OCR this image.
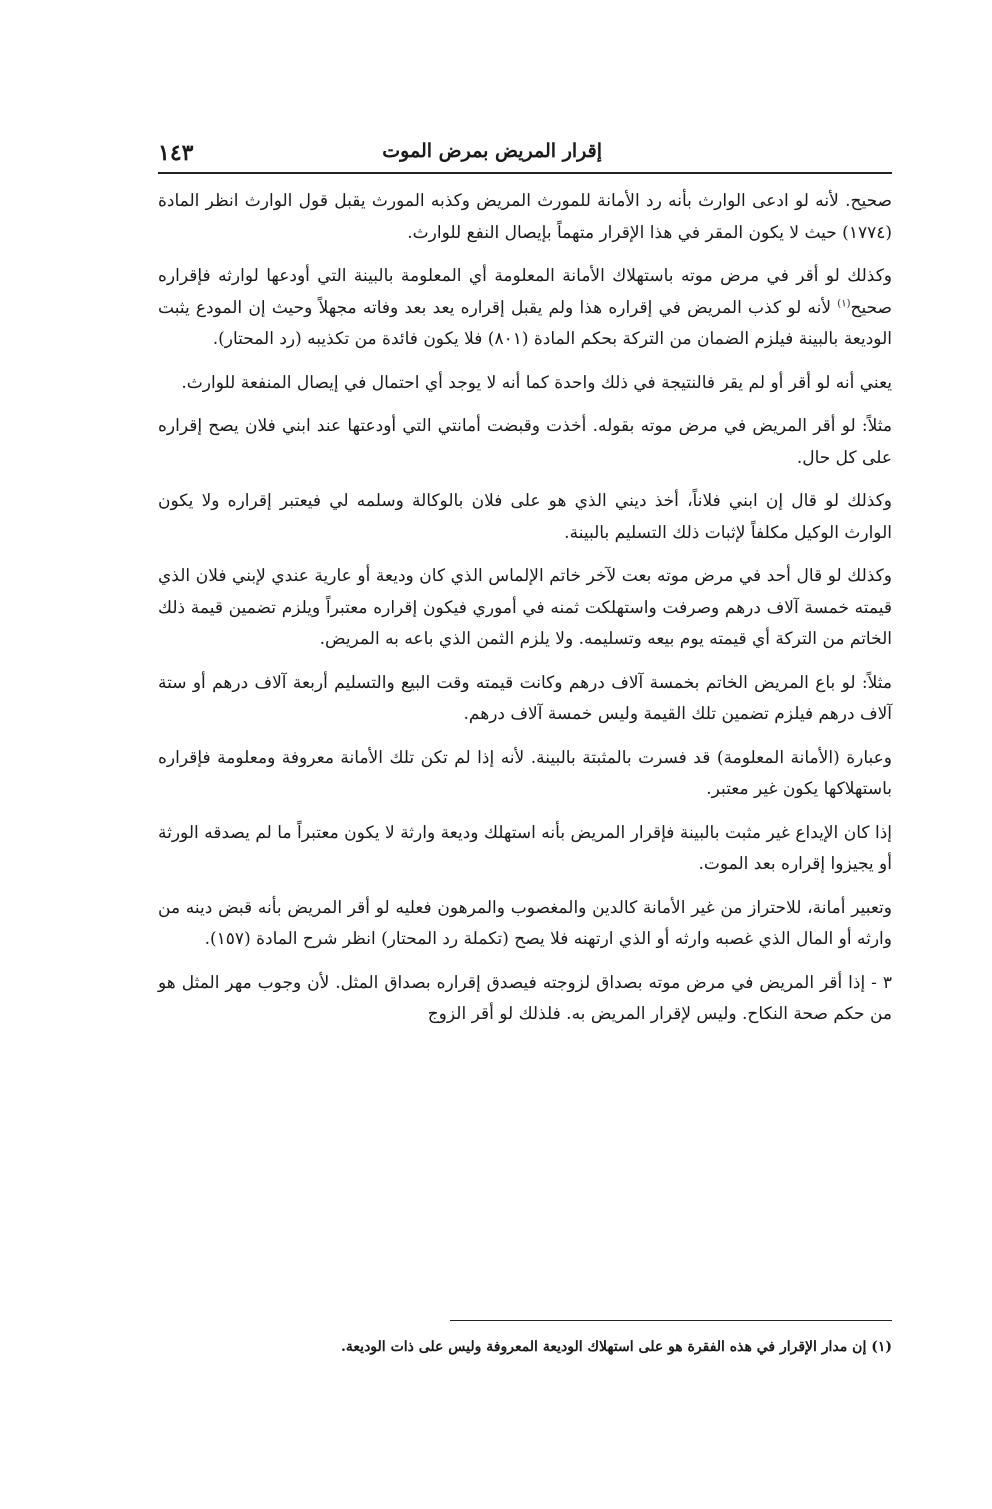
إقرار المريض بمرض الموت
١٤٣

صحيح. لأنه لو ادعى الوارث بأنه رد الأمانة للمورث المريض وكذبه المورث يقبل قول الوارث انظر المادة (١٧٧٤) حيث لا يكون المقر في هذا الإقرار متهماً بإيصال النفع للوارث.

وكذلك لو أقر في مرض موته باستهلاك الأمانة المعلومة أي المعلومة بالبينة التي أودعها لوارثه فإقراره صحيح$^{(١)}$ لأنه لو كذب المريض في إقراره هذا ولم يقبل إقراره يعد بعد وفاته مجهلاً وحيث إن المودع يثبت الوديعة بالبينة فيلزم الضمان من التركة بحكم المادة (٨٠١) فلا يكون فائدة من تكذيبه (رد المحتار).

يعني أنه لو أقر أو لم يقر فالنتيجة في ذلك واحدة كما أنه لا يوجد أي احتمال في إيصال المنفعة للوارث.

مثلاً: لو أقر المريض في مرض موته بقوله. أخذت وقبضت أمانتي التي أودعتها عند ابني فلان يصح إقراره على كل حال.

وكذلك لو قال إن ابني فلاناً، أخذ ديني الذي هو على فلان بالوكالة وسلمه لي فيعتبر إقراره ولا يكون الوارث الوكيل مكلفاً لإثبات ذلك التسليم بالبينة.

وكذلك لو قال أحد في مرض موته بعت لآخر خاتم الإلماس الذي كان وديعة أو عارية عندي لإبني فلان الذي قيمته خمسة آلاف درهم وصرفت واستهلكت ثمنه في أموري فيكون إقراره معتبراً ويلزم تضمين قيمة ذلك الخاتم من التركة أي قيمته يوم بيعه وتسليمه. ولا يلزم الثمن الذي باعه به المريض.

مثلاً: لو باع المريض الخاتم بخمسة آلاف درهم وكانت قيمته وقت البيع والتسليم أربعة آلاف درهم أو ستة آلاف درهم فيلزم تضمين تلك القيمة وليس خمسة آلاف درهم.

وعبارة (الأمانة المعلومة) قد فسرت بالمثبتة بالبينة. لأنه إذا لم تكن تلك الأمانة معروفة ومعلومة فإقراره باستهلاكها يكون غير معتبر.

إذا كان الإيداع غير مثبت بالبينة فإقرار المريض بأنه استهلك وديعة وارثة لا يكون معتبراً ما لم يصدقه الورثة أو يجيزوا إقراره بعد الموت.

وتعبير أمانة، للاحتراز من غير الأمانة كالدين والمغصوب والمرهون فعليه لو أقر المريض بأنه قبض دينه من وارثه أو المال الذي غصبه وارثه أو الذي ارتهنه فلا يصح (تكملة رد المحتار) انظر شرح المادة (١٥٧).

٣ - إذا أقر المريض في مرض موته بصداق لزوجته فيصدق إقراره بصداق المثل. لأن وجوب مهر المثل هو من حكم صحة النكاح. وليس لإقرار المريض به. فلذلك لو أقر الزوج

(١) إن مدار الإقرار في هذه الفقرة هو على استهلاك الوديعة المعروفة وليس على ذات الوديعة.
